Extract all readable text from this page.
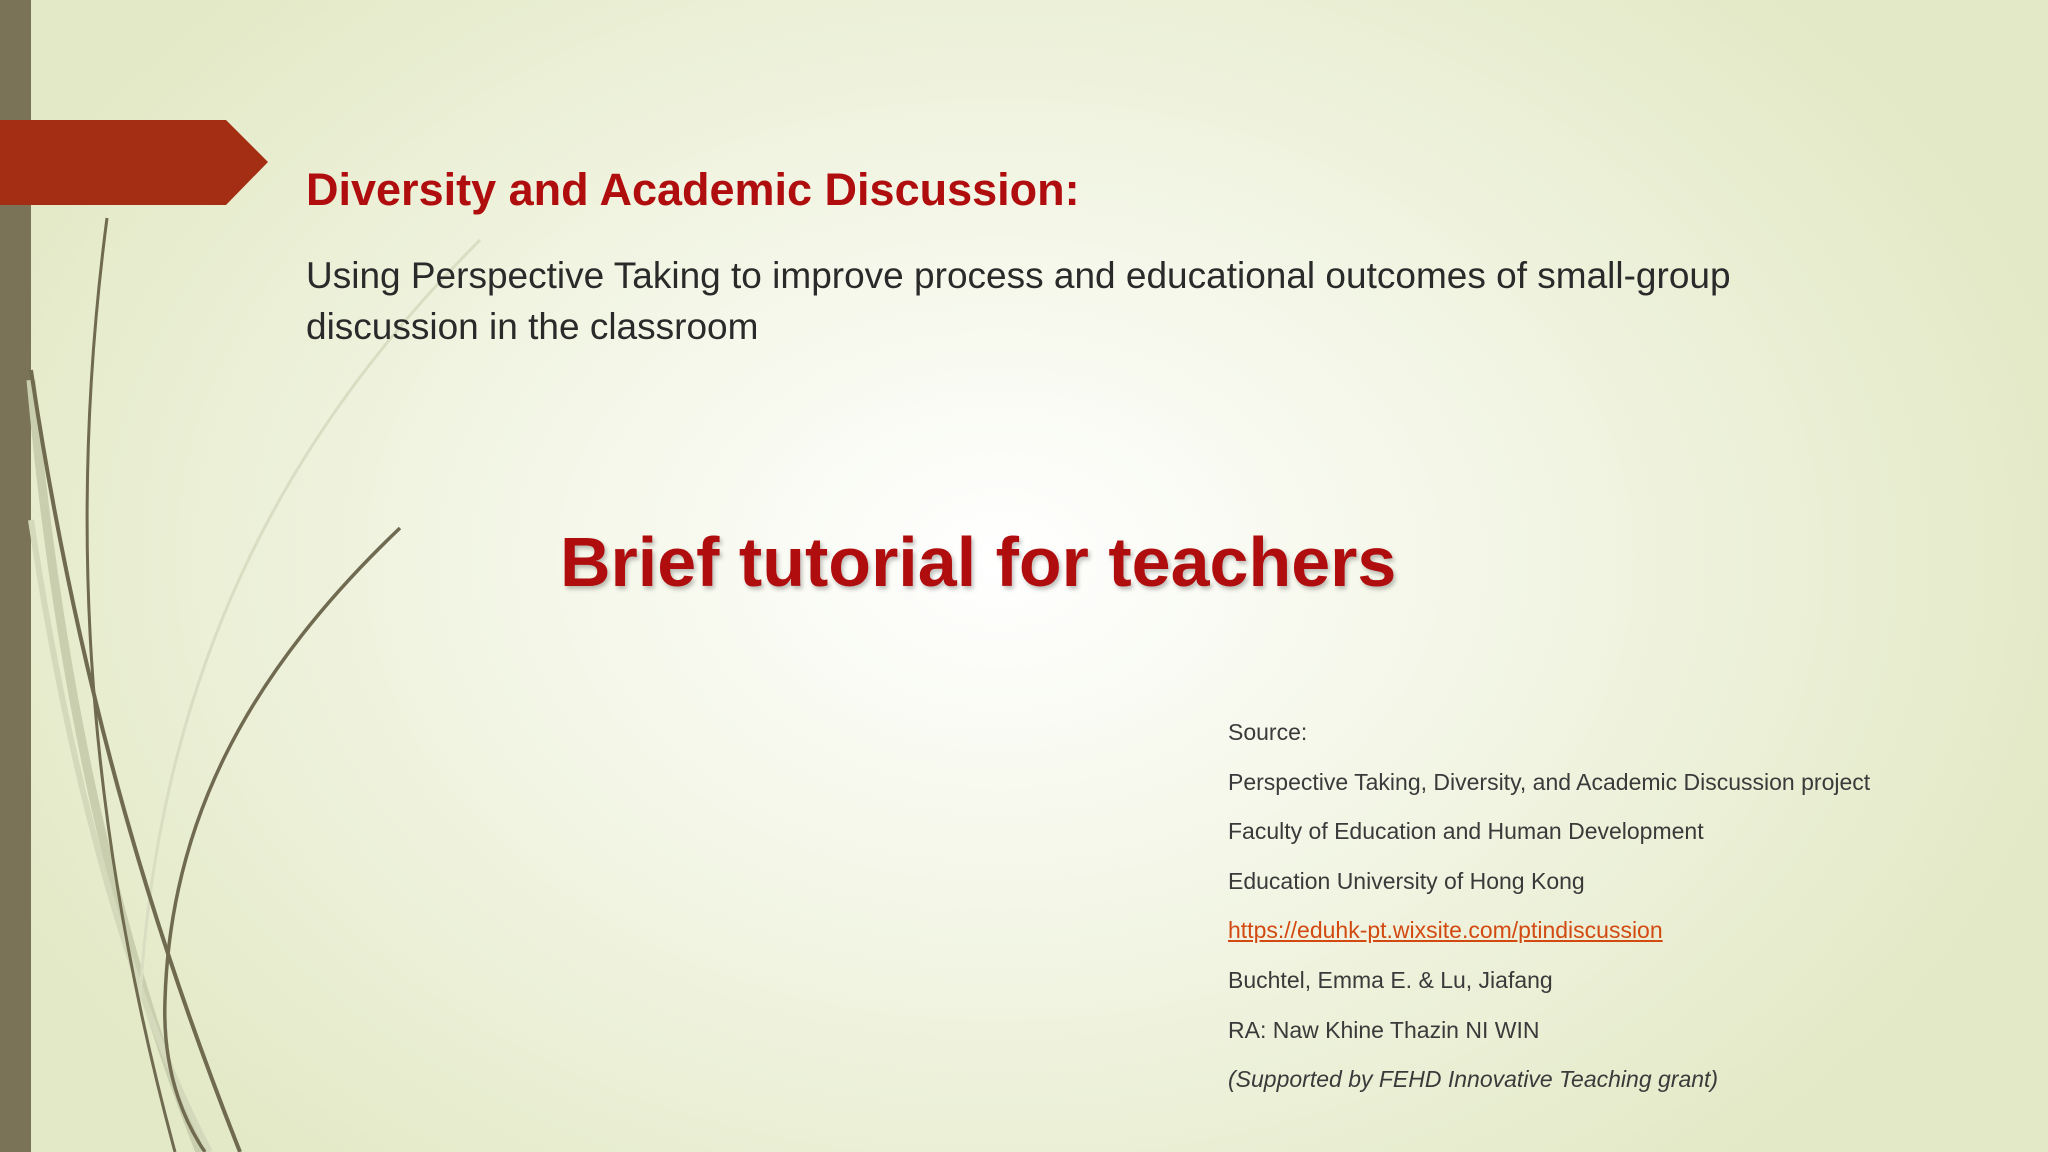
Diversity and Academic Discussion:

Using Perspective Taking to improve process and educational outcomes of small-group discussion in the classroom

Brief tutorial for teachers
Source:
Perspective Taking, Diversity, and Academic Discussion project
Faculty of Education and Human Development
Education University of Hong Kong
https://eduhk-pt.wixsite.com/ptindiscussion
Buchtel, Emma E. & Lu, Jiafang
RA: Naw Khine Thazin NI WIN
(Supported by FEHD Innovative Teaching grant)
